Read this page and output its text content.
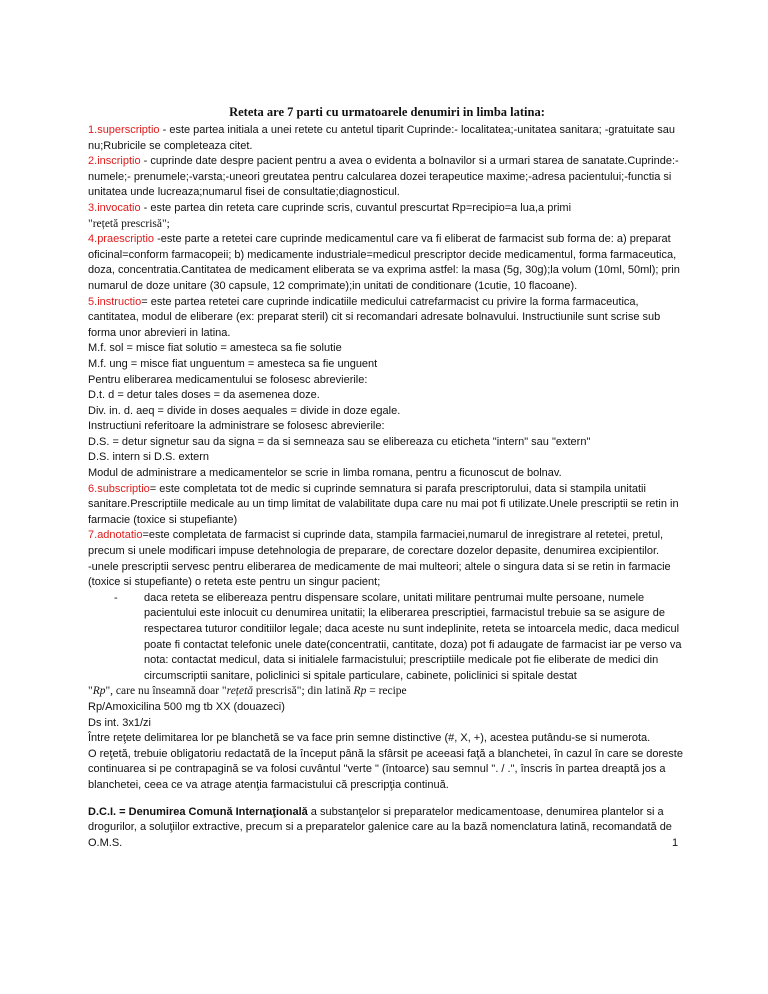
Reteta are 7 parti cu urmatoarele denumiri in limba latina:

1.superscriptio - este partea initiala a unei retete cu antetul tiparit Cuprinde:- localitatea;-unitatea sanitara; -gratuitate sau nu;Rubricile se completeaza citet.

2.inscriptio - cuprinde date despre pacient pentru a avea o evidenta a bolnavilor si a urmari starea de sanatate.Cuprinde:-numele;- prenumele;-varsta;-uneori greutatea pentru calcularea dozei terapeutice maxime;-adresa pacientului;-functia si unitatea unde lucreaza;numarul fisei de consultatie;diagnosticul.

3.invocatio - este partea din reteta care cuprinde scris, cuvantul prescurtat Rp=recipio=a lua,a primi

"rețetă prescrisă";

4.praescriptio -este parte a retetei care cuprinde medicamentul care va fi eliberat de farmacist sub forma de: a) preparat oficinal=conform farmacopeii; b) medicamente industriale=medicul prescriptor decide medicamentul, forma farmaceutica, doza, concentratia.Cantitatea de medicament eliberata se va exprima astfel: la masa (5g, 30g);la volum (10ml, 50ml); prin numarul de doze unitare (30 capsule, 12 comprimate);in unitati de conditionare (1cutie, 10 flacoane).

5.instructio= este partea retetei care cuprinde indicatiile medicului catrefarmacist cu privire la forma farmaceutica, cantitatea, modul de eliberare (ex: preparat steril) cit si recomandari adresate bolnavului. Instructiunile sunt scrise sub forma unor abrevieri in latina.

M.f. sol = misce fiat solutio = amesteca sa fie solutie

M.f. ung = misce fiat unguentum = amesteca sa fie unguent

Pentru eliberarea medicamentului se folosesc abrevierile:

D.t. d = detur tales doses = da asemenea doze.

Div. in. d. aeq = divide in doses aequales = divide in doze egale.

Instructiuni referitoare la administrare se folosesc abrevierile:

D.S. = detur signetur sau da signa = da si semneaza sau se elibereaza cu eticheta "intern" sau "extern"

D.S. intern si D.S. extern

Modul de administrare a medicamentelor se scrie in limba romana, pentru a ficunoscut de bolnav.

6.subscriptio= este completata tot de medic si cuprinde semnatura si parafa prescriptorului, data si stampila unitatii sanitare.Prescriptiile medicale au un timp limitat de valabilitate dupa care nu mai pot fi utilizate.Unele prescriptii se retin in farmacie (toxice si stupefiante)

7.adnotatio=este completata de farmacist si cuprinde data, stampila farmaciei,numarul de inregistrare al retetei, pretul, precum si unele modificari impuse detehnologia de preparare, de corectare dozelor depasite, denumirea excipientilor.

-unele prescriptii servesc pentru eliberarea de medicamente de mai multeori; altele o singura data si se retin in farmacie (toxice si stupefiante) o reteta este pentru un singur pacient;

- daca reteta se elibereaza pentru dispensare scolare, unitati militare pentrumai multe persoane, numele pacientului este inlocuit cu denumirea unitatii; la eliberarea prescriptiei, farmacistul trebuie sa se asigure de respectarea tuturor conditiilor legale; daca aceste nu sunt indeplinite, reteta se intoarcela medic, daca medicul poate fi contactat telefonic unele date(concentratii, cantitate, doza) pot fi adaugate de farmacist iar pe verso va nota: contactat medicul, data si initialele farmacistului; prescriptiile medicale pot fie eliberate de medici din circumscriptii sanitare, policlinici si spitale particulare, cabinete, policlinici si spitale destat

"Rp", care nu înseamnă doar "rețetă prescrisă"; din latină Rp = recipe

Rp/Amoxicilina 500 mg tb XX (douazeci)

Ds int. 3x1/zi

Între reţete delimitarea lor pe blanchetă se va face prin semne distinctive (#, X, +), acestea putându-se si numerota.

O reţetă, trebuie obligatoriu redactată de la început până la sfârsit pe aceeasi faţă a blanchetei, în cazul în care se doreste continuarea si pe contrapagină se va folosi cuvântul "verte " (întoarce) sau semnul ". / .", înscris în partea dreaptă jos a blanchetei, ceea ce va atrage atenţia farmacistului că prescripţia continuă.

D.C.I. = Denumirea Comună Internaţională a substanţelor si preparatelor medicamentoase, denumirea plantelor si a drogurilor, a soluţiilor extractive, precum si a preparatelor galenice care au la bază nomenclatura latină, recomandată de O.M.S.	1
